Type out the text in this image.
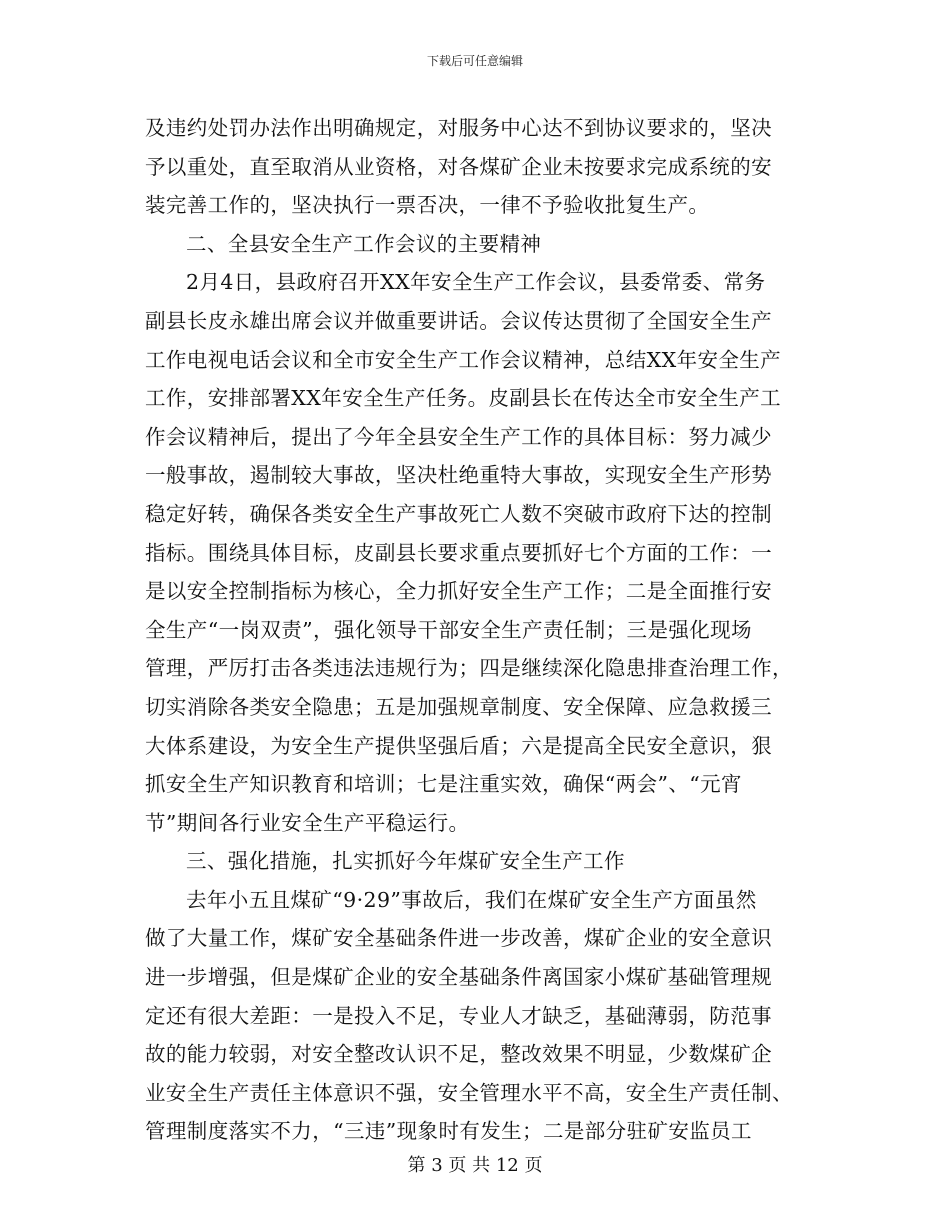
下载后可任意编辑
及违约处罚办法作出明确规定，对服务中心达不到协议要求的，坚决
予以重处，直至取消从业资格，对各煤矿企业未按要求完成系统的安
装完善工作的，坚决执行一票否决，一律不予验收批复生产。
二、全县安全生产工作会议的主要精神
2月4日，县政府召开XX年安全生产工作会议，县委常委、常务
副县长皮永雄出席会议并做重要讲话。会议传达贯彻了全国安全生产
工作电视电话会议和全市安全生产工作会议精神，总结XX年安全生产
工作，安排部署XX年安全生产任务。皮副县长在传达全市安全生产工
作会议精神后，提出了今年全县安全生产工作的具体目标：努力减少
一般事故，遏制较大事故，坚决杜绝重特大事故，实现安全生产形势
稳定好转，确保各类安全生产事故死亡人数不突破市政府下达的控制
指标。围绕具体目标，皮副县长要求重点要抓好七个方面的工作：一
是以安全控制指标为核心，全力抓好安全生产工作；二是全面推行安
全生产“一岗双责”，强化领导干部安全生产责任制；三是强化现场
管理，严厉打击各类违法违规行为；四是继续深化隐患排查治理工作，
切实消除各类安全隐患；五是加强规章制度、安全保障、应急救援三
大体系建设，为安全生产提供坚强后盾；六是提高全民安全意识，狠
抓安全生产知识教育和培训；七是注重实效，确保“两会”、“元宵
节”期间各行业安全生产平稳运行。
三、强化措施，扎实抓好今年煤矿安全生产工作
去年小五且煤矿“9·29”事故后，我们在煤矿安全生产方面虽然
做了大量工作，煤矿安全基础条件进一步改善，煤矿企业的安全意识
进一步增强，但是煤矿企业的安全基础条件离国家小煤矿基础管理规
定还有很大差距：一是投入不足，专业人才缺乏，基础薄弱，防范事
故的能力较弱，对安全整改认识不足，整改效果不明显，少数煤矿企
业安全生产责任主体意识不强，安全管理水平不高，安全生产责任制、
管理制度落实不力，“三违”现象时有发生；二是部分驻矿安监员工
第 3 页 共 12 页
